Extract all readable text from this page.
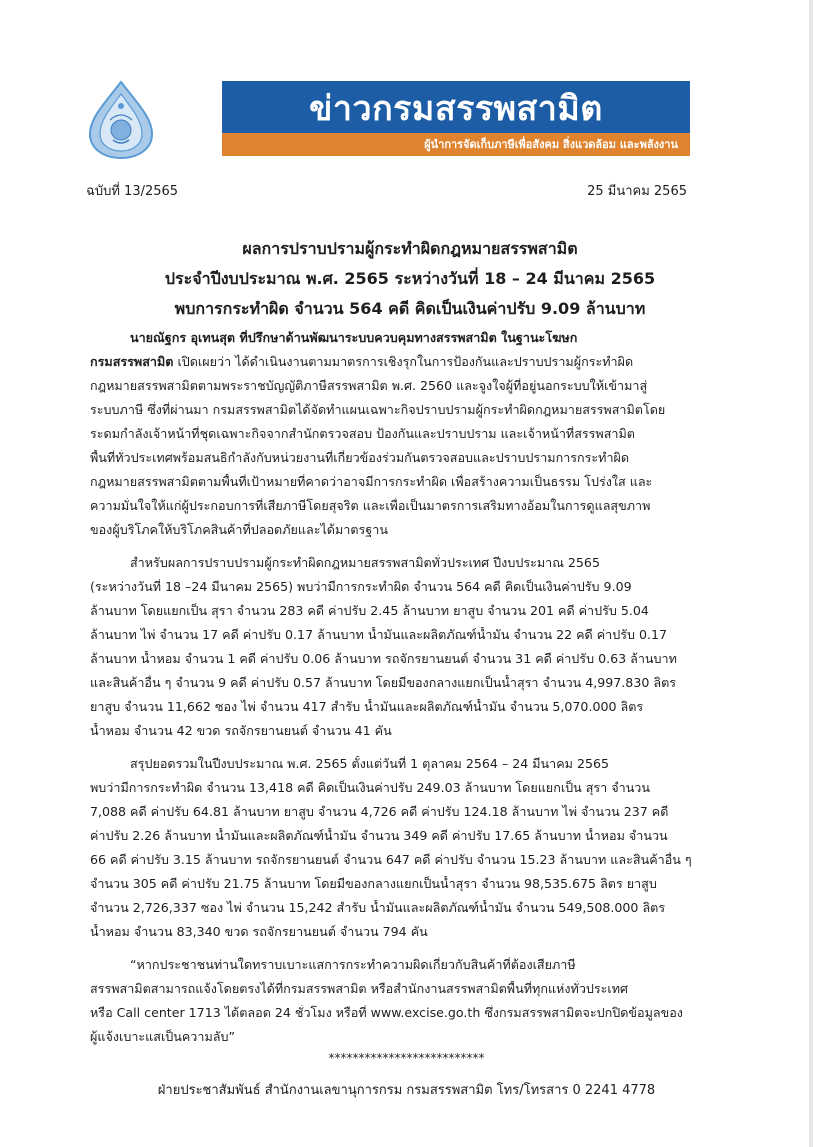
ข่าวกรมสรรพสามิต
ผู้นำการจัดเก็บภาษีเพื่อสังคม สิ่งแวดล้อม และพลังงาน
ฉบับที่ 13/2565	25 มีนาคม 2565
ผลการปราบปรามผู้กระทำผิดกฎหมายสรรพสามิต
ประจำปีงบประมาณ พ.ศ. 2565 ระหว่างวันที่ 18 – 24 มีนาคม 2565
พบการกระทำผิด จำนวน 564 คดี คิดเป็นเงินค่าปรับ 9.09 ล้านบาท
นายณัฐกร อุเทนสุต ที่ปรึกษาด้านพัฒนาระบบควบคุมทางสรรพสามิต ในฐานะโฆษก
กรมสรรพสามิต เปิดเผยว่า ได้ดำเนินงานตามมาตรการเชิงรุกในการป้องกันและปราบปรามผู้กระทำผิด
กฎหมายสรรพสามิตตามพระราชบัญญัติภาษีสรรพสามิต พ.ศ. 2560 และจูงใจผู้ที่อยู่นอกระบบให้เข้ามาสู่
ระบบภาษี ซึ่งที่ผ่านมา กรมสรรพสามิตได้จัดทำแผนเฉพาะกิจปราบปรามผู้กระทำผิดกฎหมายสรรพสามิตโดย
ระดมกำลังเจ้าหน้าที่ชุดเฉพาะกิจจากสำนักตรวจสอบ ป้องกันและปราบปราม และเจ้าหน้าที่สรรพสามิต
พื้นที่ทั่วประเทศพร้อมสนธิกำลังกับหน่วยงานที่เกี่ยวข้องร่วมกันตรวจสอบและปราบปรามการกระทำผิด
กฎหมายสรรพสามิตตามพื้นที่เป้าหมายที่คาดว่าอาจมีการกระทำผิด เพื่อสร้างความเป็นธรรม โปร่งใส และ
ความมั่นใจให้แก่ผู้ประกอบการที่เสียภาษีโดยสุจริต และเพื่อเป็นมาตรการเสริมทางอ้อมในการดูแลสุขภาพ
ของผู้บริโภคให้บริโภคสินค้าที่ปลอดภัยและได้มาตรฐาน
สำหรับผลการปราบปรามผู้กระทำผิดกฎหมายสรรพสามิตทั่วประเทศ ปีงบประมาณ 2565
(ระหว่างวันที่ 18 –24 มีนาคม 2565) พบว่ามีการกระทำผิด จำนวน 564 คดี คิดเป็นเงินค่าปรับ 9.09
ล้านบาท โดยแยกเป็น สุรา จำนวน 283 คดี ค่าปรับ 2.45 ล้านบาท ยาสูบ จำนวน 201 คดี ค่าปรับ 5.04
ล้านบาท ไพ่ จำนวน 17 คดี ค่าปรับ 0.17 ล้านบาท น้ำมันและผลิตภัณฑ์น้ำมัน จำนวน 22 คดี ค่าปรับ 0.17
ล้านบาท น้ำหอม จำนวน 1 คดี ค่าปรับ 0.06 ล้านบาท รถจักรยานยนต์ จำนวน 31 คดี ค่าปรับ 0.63 ล้านบาท
และสินค้าอื่น ๆ จำนวน 9 คดี ค่าปรับ 0.57 ล้านบาท โดยมีของกลางแยกเป็นน้ำสุรา จำนวน 4,997.830 ลิตร
ยาสูบ จำนวน 11,662 ซอง ไพ่ จำนวน 417 สำรับ น้ำมันและผลิตภัณฑ์น้ำมัน จำนวน 5,070.000 ลิตร
น้ำหอม จำนวน 42 ขวด รถจักรยานยนต์ จำนวน 41 คัน
สรุปยอดรวมในปีงบประมาณ พ.ศ. 2565 ตั้งแต่วันที่ 1 ตุลาคม 2564 – 24 มีนาคม 2565
พบว่ามีการกระทำผิด จำนวน 13,418 คดี คิดเป็นเงินค่าปรับ 249.03 ล้านบาท โดยแยกเป็น สุรา จำนวน
7,088 คดี ค่าปรับ 64.81 ล้านบาท ยาสูบ จำนวน 4,726 คดี ค่าปรับ 124.18 ล้านบาท ไพ่ จำนวน 237 คดี
ค่าปรับ 2.26 ล้านบาท น้ำมันและผลิตภัณฑ์น้ำมัน จำนวน 349 คดี ค่าปรับ 17.65 ล้านบาท น้ำหอม จำนวน
66 คดี ค่าปรับ 3.15 ล้านบาท รถจักรยานยนต์ จำนวน 647 คดี ค่าปรับ จำนวน 15.23 ล้านบาท และสินค้าอื่น ๆ
จำนวน 305 คดี ค่าปรับ 21.75 ล้านบาท โดยมีของกลางแยกเป็นน้ำสุรา จำนวน 98,535.675 ลิตร ยาสูบ
จำนวน 2,726,337 ซอง ไพ่ จำนวน 15,242 สำรับ น้ำมันและผลิตภัณฑ์น้ำมัน จำนวน 549,508.000 ลิตร
น้ำหอม จำนวน 83,340 ขวด รถจักรยานยนต์ จำนวน 794 คัน
“หากประชาชนท่านใดทราบเบาะแสการกระทำความผิดเกี่ยวกับสินค้าที่ต้องเสียภาษี
สรรพสามิตสามารถแจ้งโดยตรงได้ที่กรมสรรพสามิต หรือสำนักงานสรรพสามิตพื้นที่ทุกแห่งทั่วประเทศ
หรือ Call center 1713 ได้ตลอด 24 ชั่วโมง หรือที่ www.excise.go.th ซึ่งกรมสรรพสามิตจะปกปิดข้อมูลของ
ผู้แจ้งเบาะแสเป็นความลับ”
**************************
ฝ่ายประชาสัมพันธ์ สำนักงานเลขานุการกรม กรมสรรพสามิต โทร/โทรสาร 0 2241 4778
